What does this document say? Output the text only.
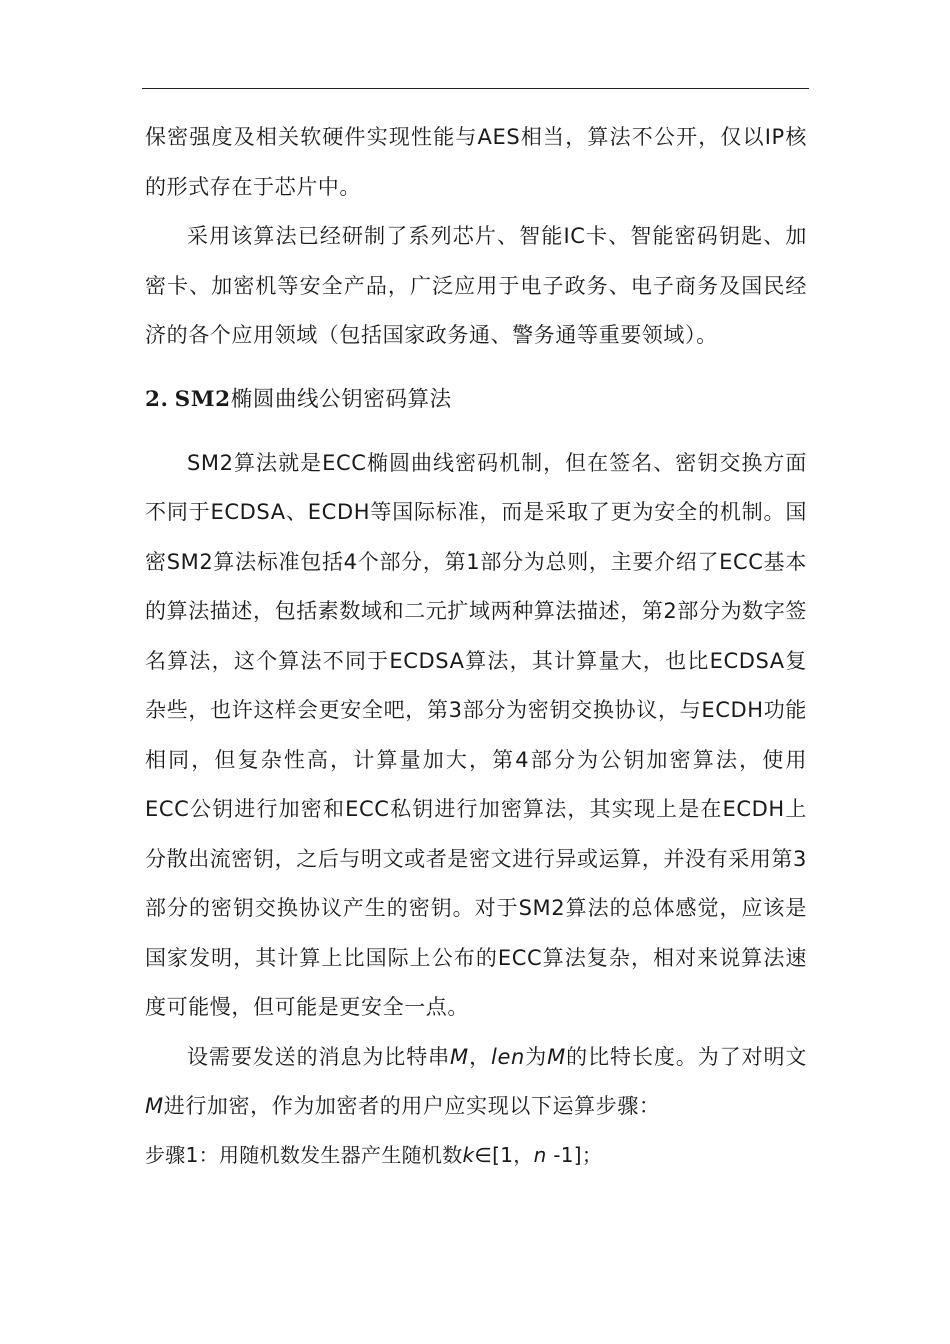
保密强度及相关软硬件实现性能与AES相当，算法不公开，仅以IP核的形式存在于芯片中。

采用该算法已经研制了系列芯片、智能IC卡、智能密码钥匙、加密卡、加密机等安全产品，广泛应用于电子政务、电子商务及国民经济的各个应用领域（包括国家政务通、警务通等重要领域）。

2. SM2椭圆曲线公钥密码算法

SM2算法就是ECC椭圆曲线密码机制，但在签名、密钥交换方面不同于ECDSA、ECDH等国际标准，而是采取了更为安全的机制。国密SM2算法标准包括4个部分，第1部分为总则，主要介绍了ECC基本的算法描述，包括素数域和二元扩域两种算法描述，第2部分为数字签名算法，这个算法不同于ECDSA算法，其计算量大，也比ECDSA复杂些，也许这样会更安全吧，第3部分为密钥交换协议，与ECDH功能相同，但复杂性高，计算量加大，第4部分为公钥加密算法，使用ECC公钥进行加密和ECC私钥进行加密算法，其实现上是在ECDH上分散出流密钥，之后与明文或者是密文进行异或运算，并没有采用第3部分的密钥交换协议产生的密钥。对于SM2算法的总体感觉，应该是国家发明，其计算上比国际上公布的ECC算法复杂，相对来说算法速度可能慢，但可能是更安全一点。

设需要发送的消息为比特串M，len为M的比特长度。为了对明文M进行加密，作为加密者的用户应实现以下运算步骤：

步骤1：用随机数发生器产生随机数k∈[1，n -1]；
